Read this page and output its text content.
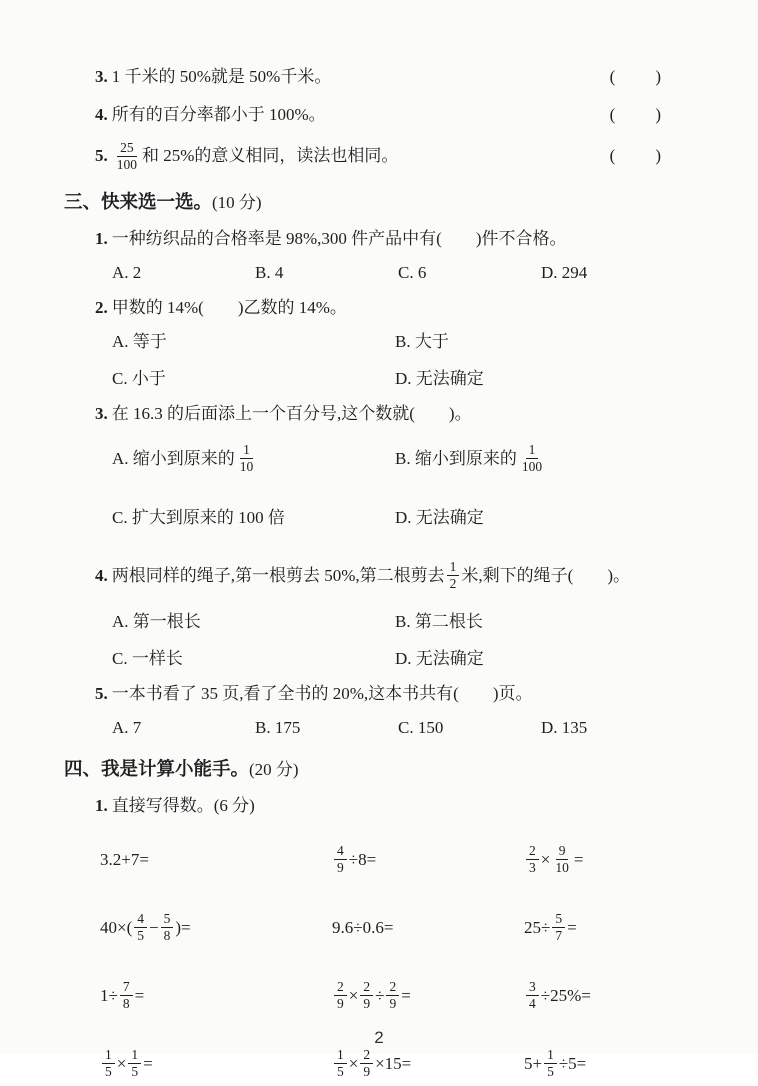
3. 1 千米的 50%就是 50%千米。	(　　)
4. 所有的百分率都小于 100%。	(　　)
5. $\frac{25}{100}$ 和 25%的意义相同，读法也相同。	(　　)
三、快来选一选。(10 分)
1. 一种纺织品的合格率是 98%,300 件产品中有(　　)件不合格。
A. 2	B. 4	C. 6	D. 294
2. 甲数的 14%(　　)乙数的 14%。
A. 等于	B. 大于
C. 小于	D. 无法确定
3. 在 16.3 的后面添上一个百分号,这个数就(　　)。
A. 缩小到原来的 $\frac{1}{10}$	B. 缩小到原来的 $\frac{1}{100}$
C. 扩大到原来的 100 倍	D. 无法确定
4. 两根同样的绳子,第一根剪去 50%,第二根剪去 $\frac{1}{2}$ 米,剩下的绳子(　　)。
A. 第一根长	B. 第二根长
C. 一样长	D. 无法确定
5. 一本书看了 35 页,看了全书的 20%,这本书共有(　　)页。
A. 7	B. 175	C. 150	D. 135
四、我是计算小能手。(20 分)
1. 直接写得数。 (6 分)
3.2+7=	$\frac{4}{9} \div 8=$	$\frac{2}{3} \times \frac{9}{10}$ =
$40\times( \frac{4}{5} - \frac{5}{8}$ )=	9.6÷0.6=	$25\div \frac{5}{7}$ =
$1\div \frac{7}{8}$ =	$\frac{2}{9} \times \frac{2}{9} \div \frac{2}{9}$ =	$\frac{3}{4} \div 25\%=$
$\frac{1}{5} \times \frac{1}{5}$ =	$\frac{1}{5} \times \frac{2}{9} \times 15=$	$5+ \frac{1}{5} \div 5=$
2
